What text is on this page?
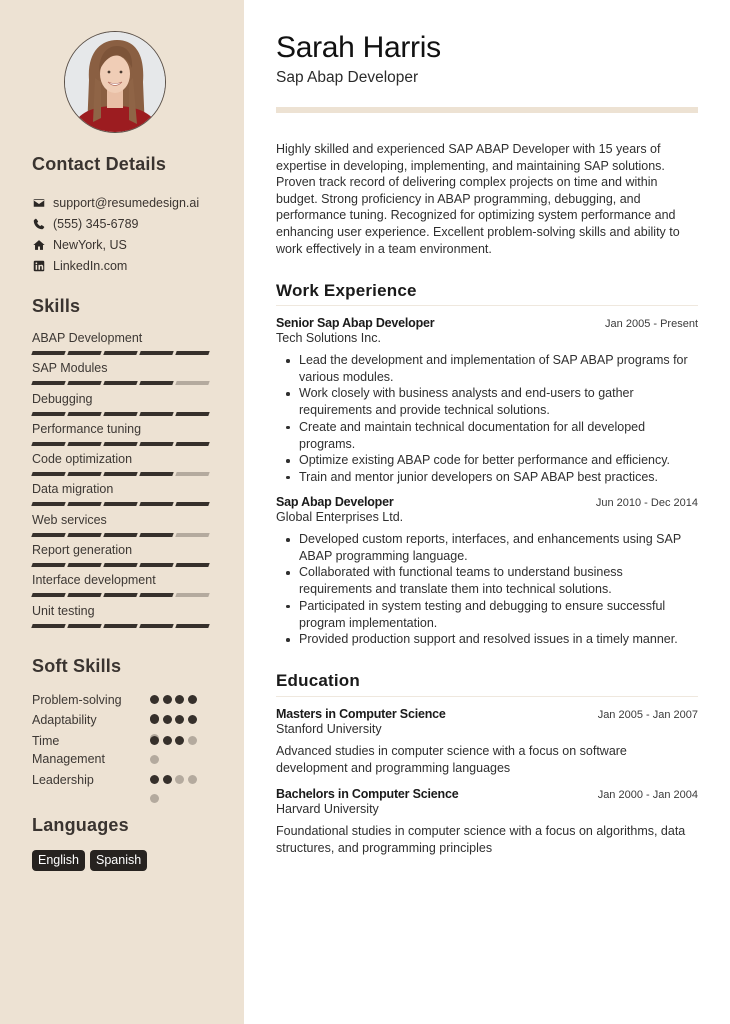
Contact Details
support@resumedesign.ai
(555) 345-6789
NewYork, US
LinkedIn.com
Skills
ABAP Development
SAP Modules
Debugging
Performance tuning
Code optimization
Data migration
Web services
Report generation
Interface development
Unit testing
Soft Skills
Problem-solving
Adaptability
Time
Management
Leadership
Languages
English	Spanish
Sarah Harris
Sap Abap Developer

Highly skilled and experienced SAP ABAP Developer with 15 years of expertise in developing, implementing, and maintaining SAP solutions. Proven track record of delivering complex projects on time and within budget. Strong proficiency in ABAP programming, debugging, and performance tuning. Recognized for optimizing system performance and enhancing user experience. Excellent problem-solving skills and ability to work effectively in a team environment.

Work Experience
Senior Sap Abap Developer	Jan 2005 - Present
Tech Solutions Inc.
Lead the development and implementation of SAP ABAP programs for various modules.
Work closely with business analysts and end-users to gather requirements and provide technical solutions.
Create and maintain technical documentation for all developed programs.
Optimize existing ABAP code for better performance and efficiency.
Train and mentor junior developers on SAP ABAP best practices.
Sap Abap Developer	Jun 2010 - Dec 2014
Global Enterprises Ltd.
Developed custom reports, interfaces, and enhancements using SAP ABAP programming language.
Collaborated with functional teams to understand business requirements and translate them into technical solutions.
Participated in system testing and debugging to ensure successful program implementation.
Provided production support and resolved issues in a timely manner.
Education
Masters in Computer Science	Jan 2005 - Jan 2007
Stanford University

Advanced studies in computer science with a focus on software development and programming languages

Bachelors in Computer Science	Jan 2000 - Jan 2004
Harvard University

Foundational studies in computer science with a focus on algorithms, data structures, and programming principles
